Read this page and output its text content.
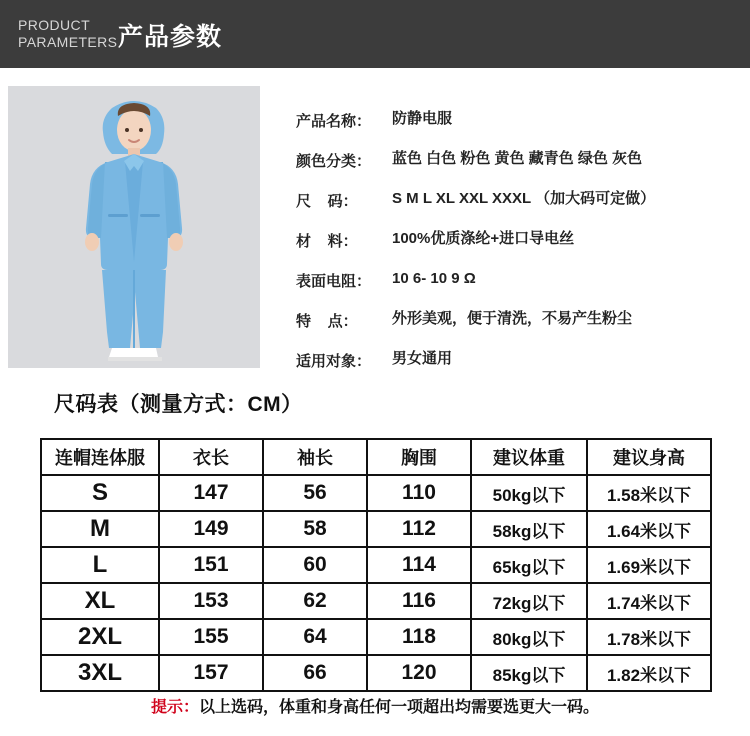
PRODUCT
PARAMETERS 产品参数
产品名称：	防静电服
颜色分类：	蓝色 白色 粉色 黄色 藏青色 绿色 灰色
尺    码：	S M L XL XXL XXXL （加大码可定做）
材    料：	100%优质涤纶+进口导电丝
表面电阻：	10 6- 10 9 Ω
特    点：	外形美观，便于清洗，不易产生粉尘
适用对象：	男女通用
尺码表（测量方式：CM）
连帽连体服	衣长	袖长	胸围	建议体重	建议身高
S	147	56	110	50kg以下	1.58米以下
M	149	58	112	58kg以下	1.64米以下
L	151	60	114	65kg以下	1.69米以下
XL	153	62	116	72kg以下	1.74米以下
2XL	155	64	118	80kg以下	1.78米以下
3XL	157	66	120	85kg以下	1.82米以下
提示：以上选码，体重和身高任何一项超出均需要选更大一码。
